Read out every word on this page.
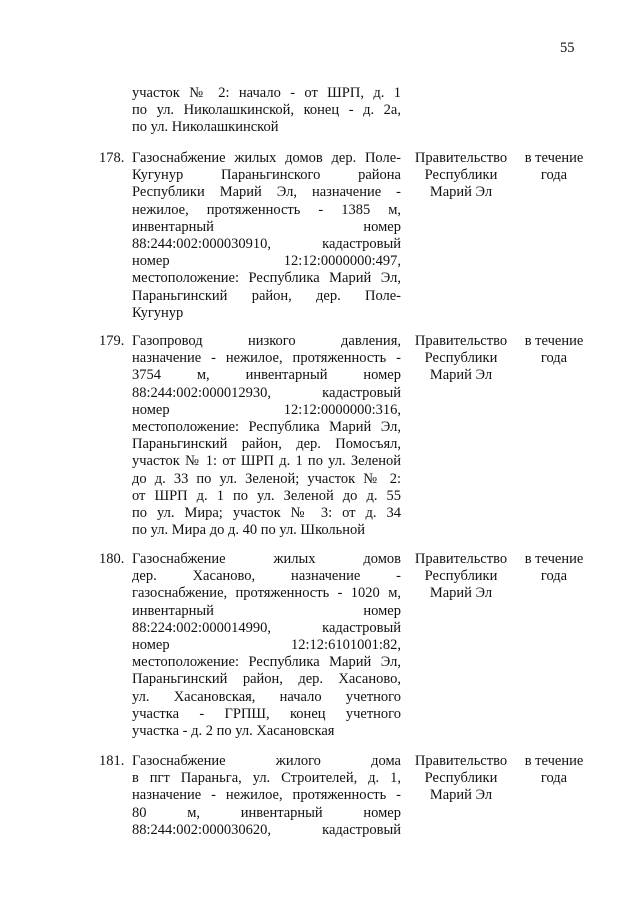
55
участок № 2: начало - от ШРП, д. 1
по ул. Николашкинской, конец - д. 2а,
по ул. Николашкинской
178. Газоснабжение жилых домов дер. Поле-
Кугунур Параньгинского района
Республики Марий Эл, назначение -
нежилое, протяженность - 1385 м,
инвентарный номер
88:244:002:000030910, кадастровый
номер 12:12:0000000:497,
местоположение: Республика Марий Эл,
Параньгинский район, дер. Поле-
Кугунур
Правительство
Республики
Марий Эл
в течение
года
179. Газопровод низкого давления,
назначение - нежилое, протяженность -
3754 м, инвентарный номер
88:244:002:000012930, кадастровый
номер 12:12:0000000:316,
местоположение: Республика Марий Эл,
Параньгинский район, дер. Помосъял,
участок № 1: от ШРП д. 1 по ул. Зеленой
до д. 33 по ул. Зеленой; участок № 2:
от ШРП д. 1 по ул. Зеленой до д. 55
по ул. Мира; участок № 3: от д. 34
по ул. Мира до д. 40 по ул. Школьной
Правительство
Республики
Марий Эл
в течение
года
180. Газоснабжение жилых домов
дер. Хасаново, назначение -
газоснабжение, протяженность - 1020 м,
инвентарный номер
88:224:002:000014990, кадастровый
номер 12:12:6101001:82,
местоположение: Республика Марий Эл,
Параньгинский район, дер. Хасаново,
ул. Хасановская, начало учетного
участка - ГРПШ, конец учетного
участка - д. 2 по ул. Хасановская
Правительство
Республики
Марий Эл
в течение
года
181. Газоснабжение жилого дома
в пгт Параньга, ул. Строителей, д. 1,
назначение - нежилое, протяженность -
80 м, инвентарный номер
88:244:002:000030620, кадастровый
Правительство
Республики
Марий Эл
в течение
года
